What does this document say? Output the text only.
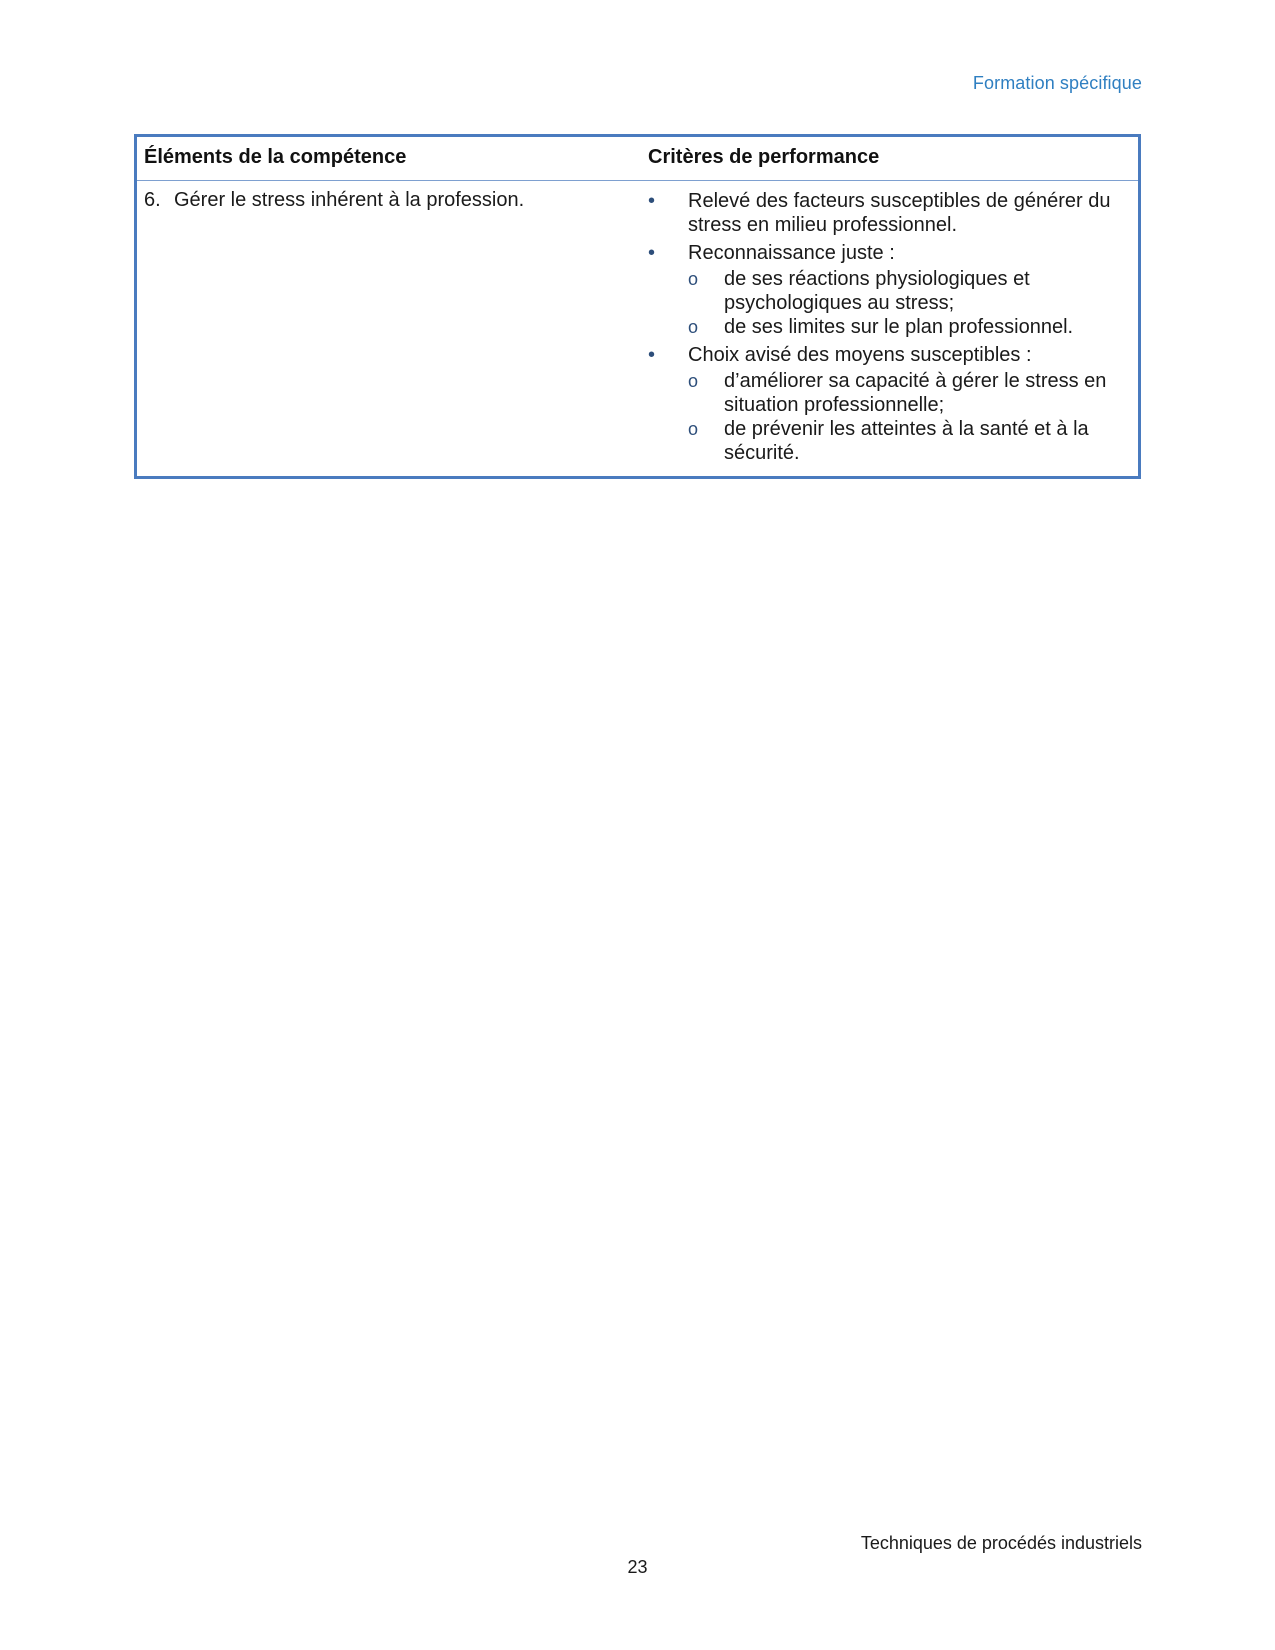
Formation spécifique
Éléments de la compétence	Critères de performance
6. Gérer le stress inhérent à la profession.	•	Relevé des facteurs susceptibles de générer du stress en milieu professionnel.
•	Reconnaissance juste :
o de ses réactions physiologiques et psychologiques au stress;
o de ses limites sur le plan professionnel.
•	Choix avisé des moyens susceptibles :
o d’améliorer sa capacité à gérer le stress en situation professionnelle;
o de prévenir les atteintes à la santé et à la sécurité.
Techniques de procédés industriels
23
